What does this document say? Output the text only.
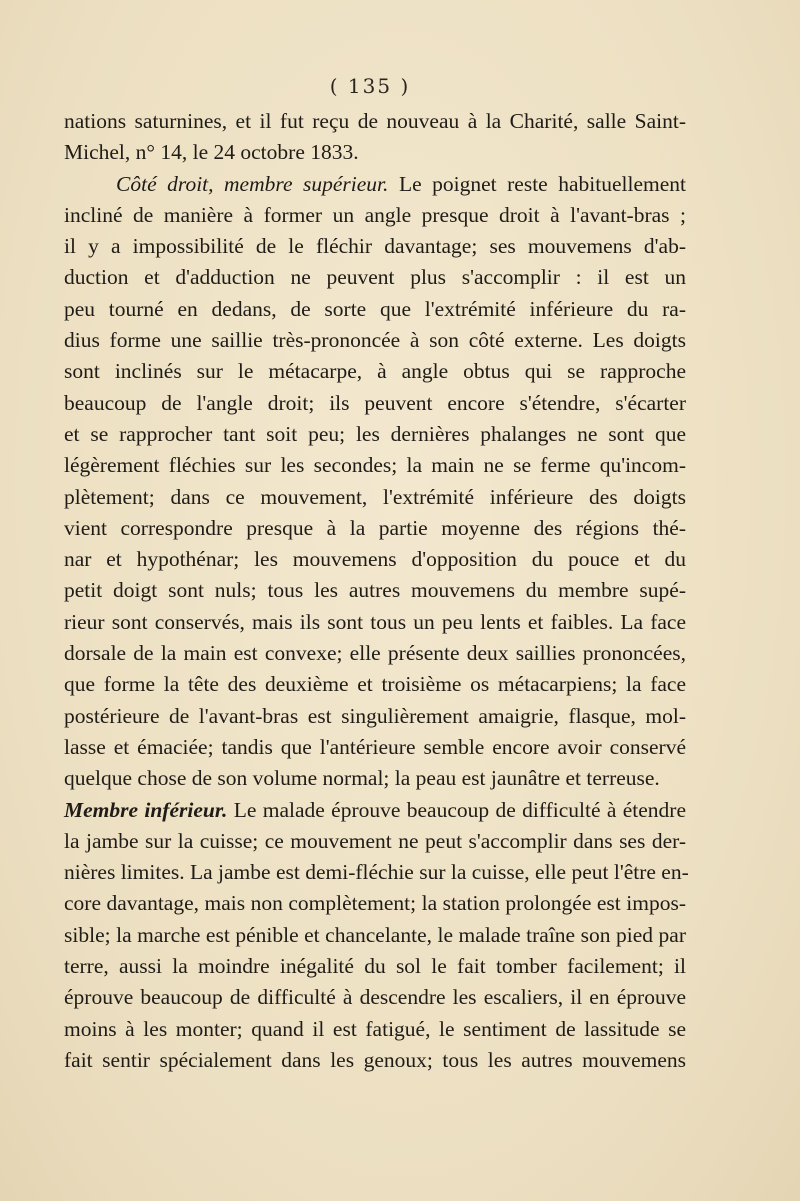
( 135 )
nations saturnines, et il fut reçu de nouveau à la Charité, salle Saint-
Michel, n° 14, le 24 octobre 1833.
Côté droit, membre supérieur. Le poignet reste habituellement
incliné de manière à former un angle presque droit à l'avant-bras ;
il y a impossibilité de le fléchir davantage; ses mouvemens d'ab-
duction et d'adduction ne peuvent plus s'accomplir : il est un
peu tourné en dedans, de sorte que l'extrémité inférieure du ra-
dius forme une saillie très-prononcée à son côté externe. Les doigts
sont inclinés sur le métacarpe, à angle obtus qui se rapproche
beaucoup de l'angle droit; ils peuvent encore s'étendre, s'écarter
et se rapprocher tant soit peu; les dernières phalanges ne sont que
légèrement fléchies sur les secondes; la main ne se ferme qu'incom-
plètement; dans ce mouvement, l'extrémité inférieure des doigts
vient correspondre presque à la partie moyenne des régions thé-
nar et hypothénar; les mouvemens d'opposition du pouce et du
petit doigt sont nuls; tous les autres mouvemens du membre supé-
rieur sont conservés, mais ils sont tous un peu lents et faibles. La face
dorsale de la main est convexe; elle présente deux saillies prononcées,
que forme la tête des deuxième et troisième os métacarpiens; la face
postérieure de l'avant-bras est singulièrement amaigrie, flasque, mol-
lasse et émaciée; tandis que l'antérieure semble encore avoir conservé
quelque chose de son volume normal; la peau est jaunâtre et terreuse.
Membre inférieur. Le malade éprouve beaucoup de difficulté à étendre
la jambe sur la cuisse; ce mouvement ne peut s'accomplir dans ses der-
nières limites. La jambe est demi-fléchie sur la cuisse, elle peut l'être en-
core davantage, mais non complètement; la station prolongée est impos-
sible; la marche est pénible et chancelante, le malade traîne son pied par
terre, aussi la moindre inégalité du sol le fait tomber facilement; il
éprouve beaucoup de difficulté à descendre les escaliers, il en éprouve
moins à les monter; quand il est fatigué, le sentiment de lassitude se
fait sentir spécialement dans les genoux; tous les autres mouvemens
